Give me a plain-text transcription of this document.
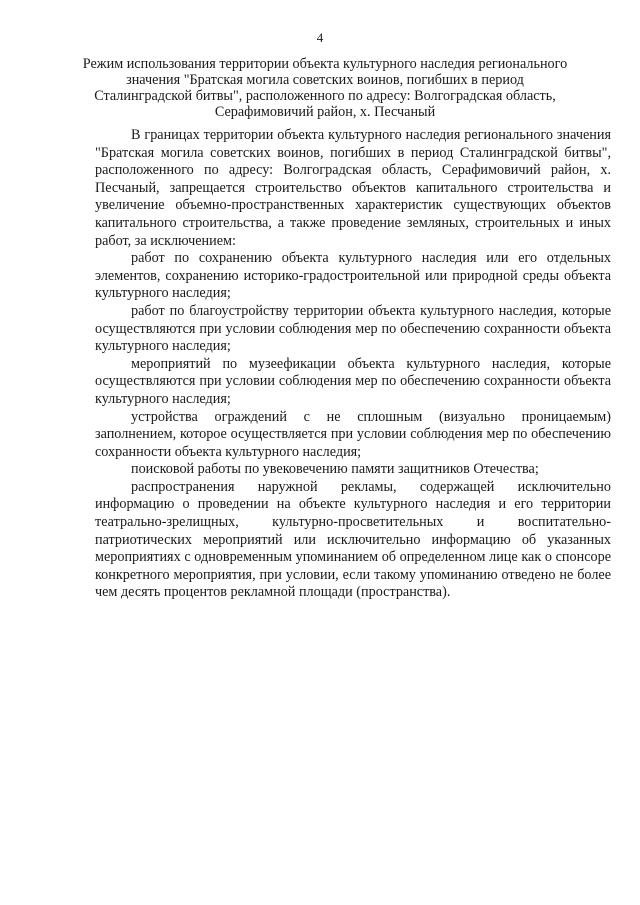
4
Режим использования территории объекта культурного наследия регионального значения "Братская могила советских воинов, погибших в период Сталинградской битвы", расположенного по адресу: Волгоградская область, Серафимовичий район, х. Песчаный

В границах территории объекта культурного наследия регионального значения "Братская могила советских воинов, погибших в период Сталинградской битвы", расположенного по адресу: Волгоградская область, Серафимовичий район, х. Песчаный, запрещается строительство объектов капитального строительства и увеличение объемно-пространственных характеристик существующих объектов капитального строительства, а также проведение земляных, строительных и иных работ, за исключением:

работ по сохранению объекта культурного наследия или его отдельных элементов, сохранению историко-градостроительной или природной среды объекта культурного наследия;

работ по благоустройству территории объекта культурного наследия, которые осуществляются при условии соблюдения мер по обеспечению сохранности объекта культурного наследия;

мероприятий по музеефикации объекта культурного наследия, которые осуществляются при условии соблюдения мер по обеспечению сохранности объекта культурного наследия;

устройства ограждений с не сплошным (визуально проницаемым) заполнением, которое осуществляется при условии соблюдения мер по обеспечению сохранности объекта культурного наследия;

поисковой работы по увековечению памяти защитников Отечества;

распространения наружной рекламы, содержащей исключительно информацию о проведении на объекте культурного наследия и его территории театрально-зрелищных, культурно-просветительных и воспитательно-патриотических мероприятий или исключительно информацию об указанных мероприятиях с одновременным упоминанием об определенном лице как о спонсоре конкретного мероприятия, при условии, если такому упоминанию отведено не более чем десять процентов рекламной площади (пространства).
